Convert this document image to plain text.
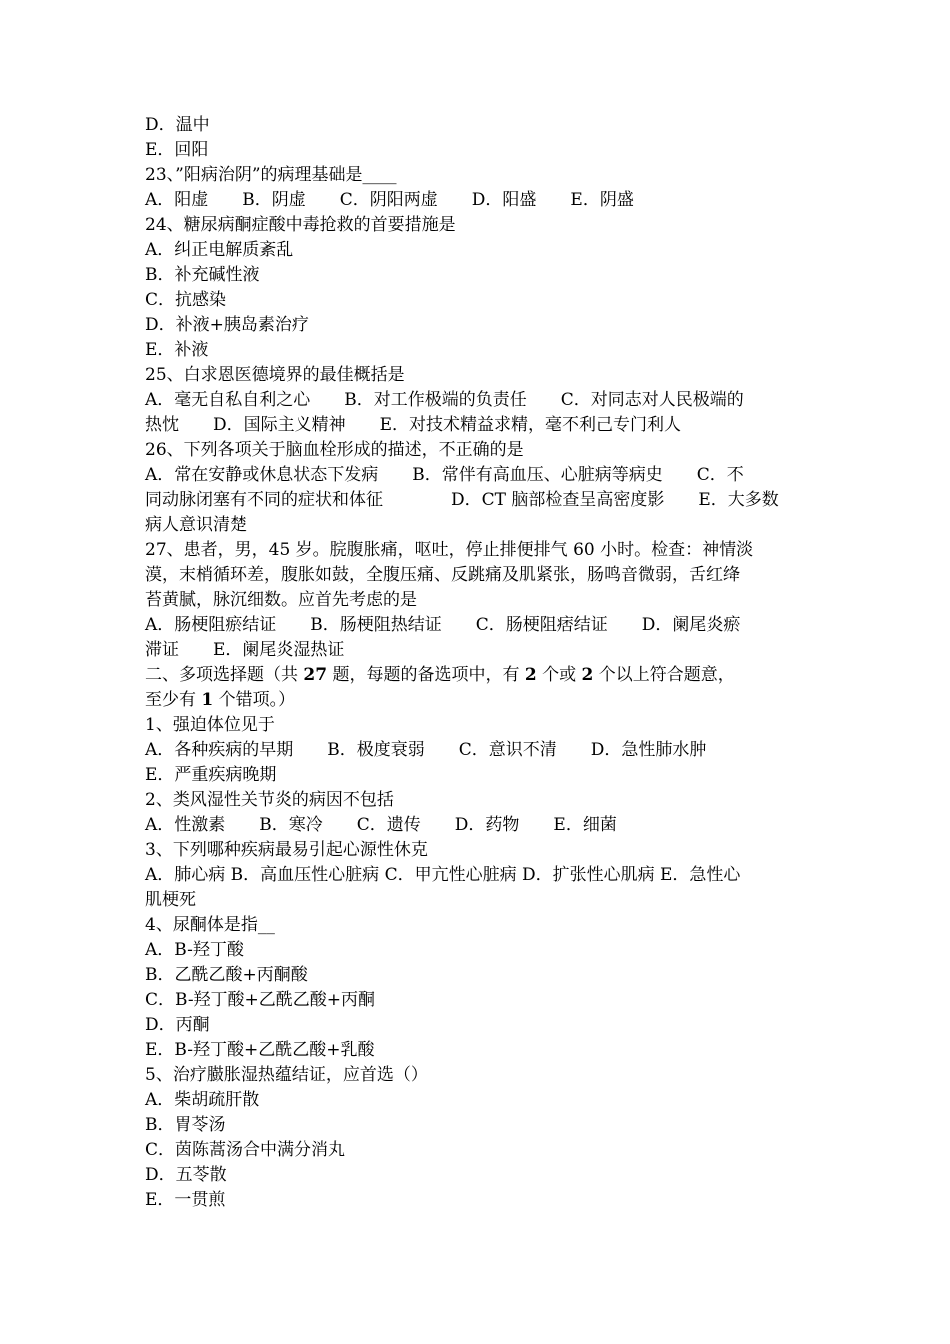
D．温中
E．回阳
23、”阳病治阴”的病理基础是____
A．阳虚　　B．阴虚　　C．阴阳两虚　　D．阳盛　　E．阴盛
24、糖尿病酮症酸中毒抢救的首要措施是
A．纠正电解质紊乱
B．补充碱性液
C．抗感染
D．补液+胰岛素治疗
E．补液
25、白求恩医德境界的最佳概括是
A．毫无自私自利之心　　B．对工作极端的负责任　　C．对同志对人民极端的
热忱　　D．国际主义精神　　E．对技术精益求精，毫不利己专门利人
26、下列各项关于脑血栓形成的描述，不正确的是
A．常在安静或休息状态下发病　　B．常伴有高血压、心脏病等病史　　C．不
同动脉闭塞有不同的症状和体征　　　　D．CT 脑部检查呈高密度影　　E．大多数
病人意识清楚
27、患者，男，45 岁。脘腹胀痛，呕吐，停止排便排气 60 小时。检查：神情淡
漠，末梢循环差，腹胀如鼓，全腹压痛、反跳痛及肌紧张，肠鸣音微弱，舌红绛
苔黄腻，脉沉细数。应首先考虑的是
A．肠梗阻瘀结证　　B．肠梗阻热结证　　C．肠梗阻痞结证　　D．阑尾炎瘀
滞证　　E．阑尾炎湿热证
二、多项选择题（共 27 题，每题的备选项中，有 2 个或 2 个以上符合题意，
至少有 1 个错项。）
1、强迫体位见于
A．各种疾病的早期　　B．极度衰弱　　C．意识不清　　D．急性肺水肿
E．严重疾病晚期
2、类风湿性关节炎的病因不包括
A．性激素　　B．寒冷　　C．遗传　　D．药物　　E．细菌
3、下列哪种疾病最易引起心源性休克
A．肺心病 B．高血压性心脏病 C．甲亢性心脏病 D．扩张性心肌病 E．急性心
肌梗死
4、尿酮体是指__
A．B-羟丁酸
B．乙酰乙酸+丙酮酸
C．B-羟丁酸+乙酰乙酸+丙酮
D．丙酮
E．B-羟丁酸+乙酰乙酸+乳酸
5、治疗臌胀湿热蕴结证，应首选（）
A．柴胡疏肝散
B．胃苓汤
C．茵陈蒿汤合中满分消丸
D．五苓散
E．一贯煎
